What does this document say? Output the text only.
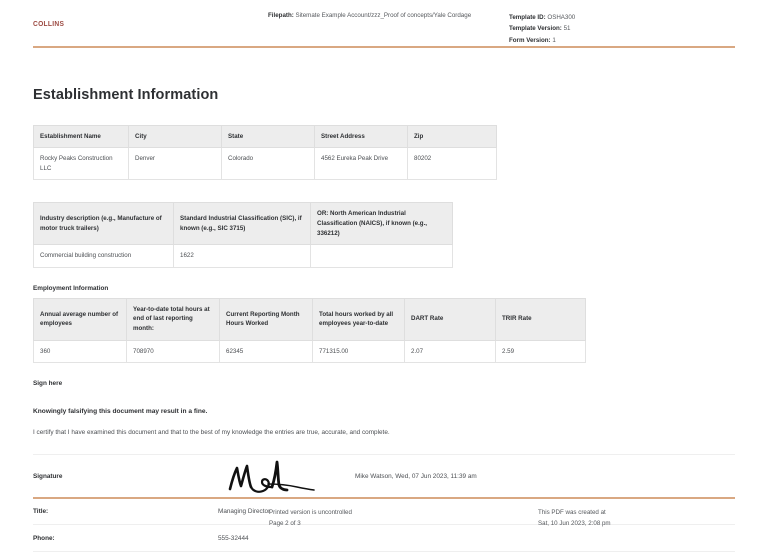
COLLINS
Filepath: Sitemate Example Account/zzz_Proof of concepts/Yale Cordage	Template ID: OSHA300
Template Version: 51
Form Version: 1
Establishment Information
Establishment Name	City	State	Street Address	Zip
Rocky Peaks Construction LLC	Denver	Colorado	4562 Eureka Peak Drive	80202
Industry description (e.g., Manufacture of motor truck trailers)	Standard Industrial Classification (SIC), if known (e.g., SIC 3715)	OR: North American Industrial Classification (NAICS), if known (e.g., 336212)
Commercial building construction	1622	
Employment Information
Annual average number of employees	Year-to-date total hours at end of last reporting month:	Current Reporting Month Hours Worked	Total hours worked by all employees year-to-date	DART Rate	TRIR Rate
360	708970	62345	771315.00	2.07	2.59
Sign here
Knowingly falsifying this document may result in a fine.
I certify that I have examined this document and that to the best of my knowledge the entries are true, accurate, and complete.
Signature	Mike Watson, Wed, 07 Jun 2023, 11:39 am
Title:	Managing Director
Phone:	555-32444
Printed version is uncontrolled
Page 2 of 3
This PDF was created at
Sat, 10 Jun 2023, 2:08 pm
